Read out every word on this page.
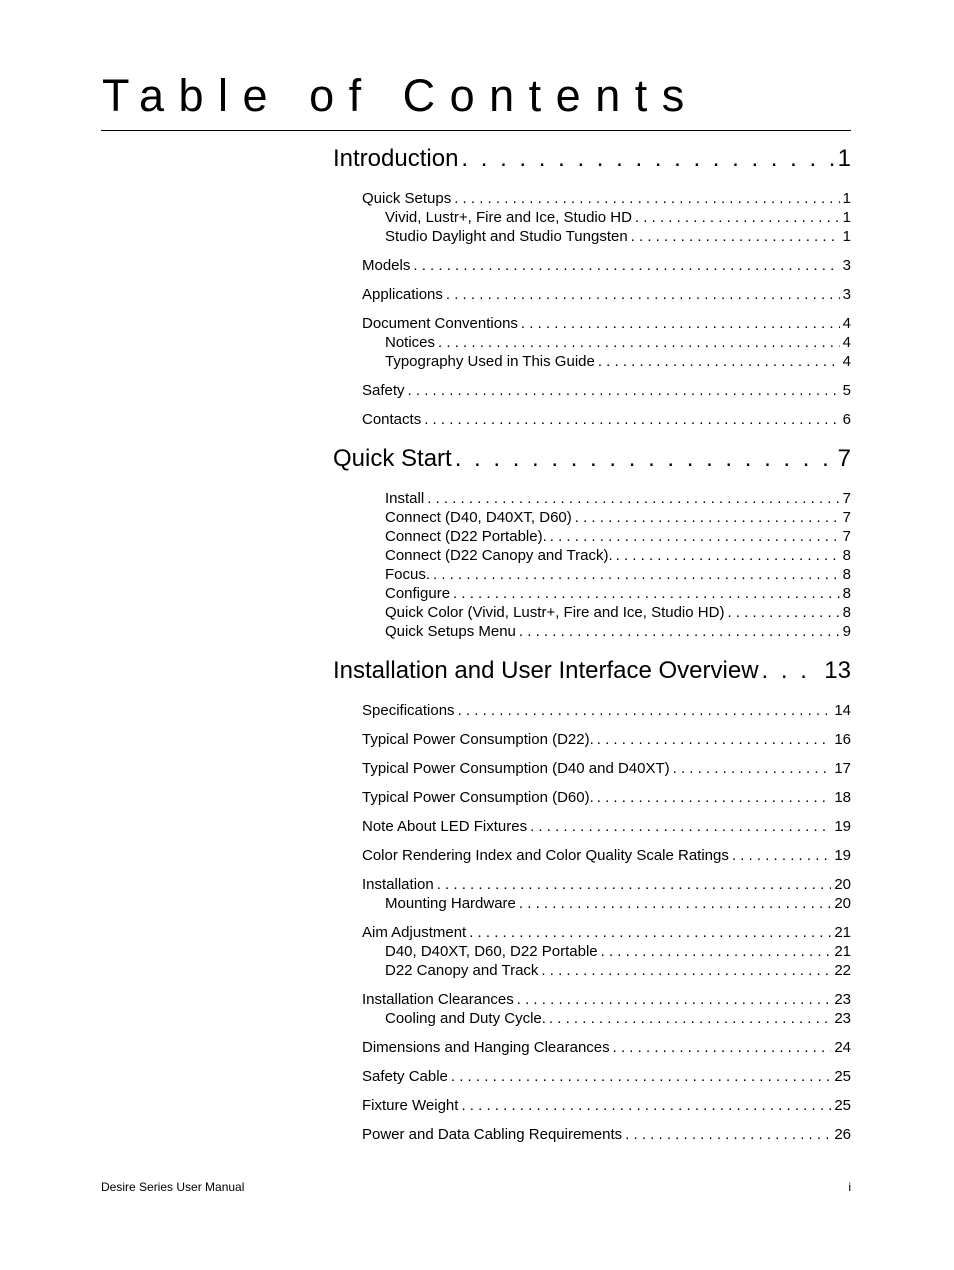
Table of Contents
Introduction . . .	1
Quick Setups . . .	1
Vivid, Lustr+, Fire and Ice, Studio HD . . .	1
Studio Daylight and Studio Tungsten . . .	1
Models . . .	3
Applications . . .	3
Document Conventions . . .	4
Notices . . .	4
Typography Used in This Guide . . .	4
Safety . . .	5
Contacts . . .	6
Quick Start . . .	7
Install . . .	7
Connect (D40, D40XT, D60) . . .	7
Connect (D22 Portable). . . .	7
Connect (D22 Canopy and Track). . . .	8
Focus. . . .	8
Configure . . .	8
Quick Color (Vivid, Lustr+, Fire and Ice, Studio HD) . . .	8
Quick Setups Menu . . .	9
Installation and User Interface Overview . . .	13
Specifications . . .	14
Typical Power Consumption (D22). . . .	16
Typical Power Consumption (D40 and D40XT) . . .	17
Typical Power Consumption (D60). . . .	18
Note About LED Fixtures . . .	19
Color Rendering Index and Color Quality Scale Ratings . . .	19
Installation . . .	20
Mounting Hardware . . .	20
Aim Adjustment . . .	21
D40, D40XT, D60, D22 Portable . . .	21
D22 Canopy and Track . . .	22
Installation Clearances . . .	23
Cooling and Duty Cycle. . . .	23
Dimensions and Hanging Clearances . . .	24
Safety Cable . . .	25
Fixture Weight . . .	25
Power and Data Cabling Requirements . . .	26
Desire Series User Manual	i
